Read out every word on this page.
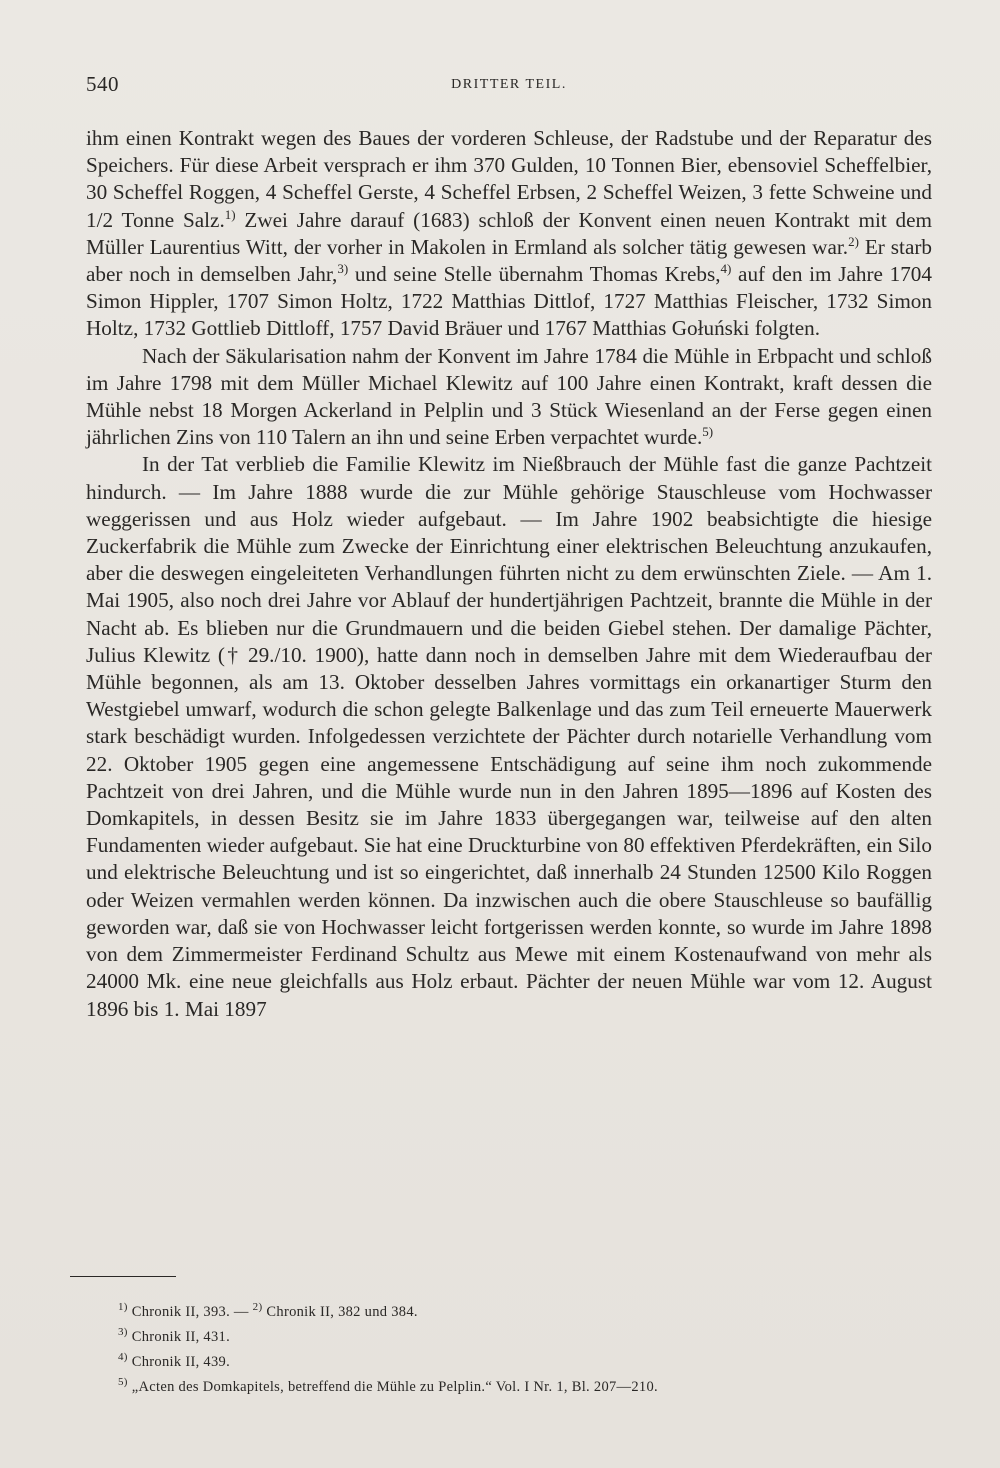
540	DRITTER TEIL.

ihm einen Kontrakt wegen des Baues der vorderen Schleuse, der Radstube und der Reparatur des Speichers. Für diese Arbeit versprach er ihm 370 Gulden, 10 Tonnen Bier, ebensoviel Scheffelbier, 30 Scheffel Roggen, 4 Scheffel Gerste, 4 Scheffel Erbsen, 2 Scheffel Weizen, 3 fette Schweine und 1/2 Tonne Salz.$^{1)}$ Zwei Jahre darauf (1683) schloß der Konvent einen neuen Kontrakt mit dem Müller Laurentius Witt, der vorher in Makolen in Ermland als solcher tätig gewesen war.$^{2)}$ Er starb aber noch in demselben Jahr,$^{3)}$ und seine Stelle übernahm Thomas Krebs,$^{4)}$ auf den im Jahre 1704 Simon Hippler, 1707 Simon Holtz, 1722 Matthias Dittlof, 1727 Matthias Fleischer, 1732 Simon Holtz, 1732 Gottlieb Dittloff, 1757 David Bräuer und 1767 Matthias Gołuński folgten.

Nach der Säkularisation nahm der Konvent im Jahre 1784 die Mühle in Erbpacht und schloß im Jahre 1798 mit dem Müller Michael Klewitz auf 100 Jahre einen Kontrakt, kraft dessen die Mühle nebst 18 Morgen Ackerland in Pelplin und 3 Stück Wiesenland an der Ferse gegen einen jährlichen Zins von 110 Talern an ihn und seine Erben verpachtet wurde.$^{5)}$

In der Tat verblieb die Familie Klewitz im Nießbrauch der Mühle fast die ganze Pachtzeit hindurch. — Im Jahre 1888 wurde die zur Mühle gehörige Stauschleuse vom Hochwasser weggerissen und aus Holz wieder aufgebaut. — Im Jahre 1902 beabsichtigte die hiesige Zuckerfabrik die Mühle zum Zwecke der Einrichtung einer elektrischen Beleuchtung anzukaufen, aber die deswegen eingeleiteten Verhandlungen führten nicht zu dem erwünschten Ziele. — Am 1. Mai 1905, also noch drei Jahre vor Ablauf der hundertjährigen Pachtzeit, brannte die Mühle in der Nacht ab. Es blieben nur die Grundmauern und die beiden Giebel stehen. Der damalige Pächter, Julius Klewitz († 29./10. 1900), hatte dann noch in demselben Jahre mit dem Wiederaufbau der Mühle begonnen, als am 13. Oktober desselben Jahres vormittags ein orkanartiger Sturm den Westgiebel umwarf, wodurch die schon gelegte Balkenlage und das zum Teil erneuerte Mauerwerk stark beschädigt wurden. Infolgedessen verzichtete der Pächter durch notarielle Verhandlung vom 22. Oktober 1905 gegen eine angemessene Entschädigung auf seine ihm noch zukommende Pachtzeit von drei Jahren, und die Mühle wurde nun in den Jahren 1895—1896 auf Kosten des Domkapitels, in dessen Besitz sie im Jahre 1833 übergegangen war, teilweise auf den alten Fundamenten wieder aufgebaut. Sie hat eine Druckturbine von 80 effektiven Pferdekräften, ein Silo und elektrische Beleuchtung und ist so eingerichtet, daß innerhalb 24 Stunden 12500 Kilo Roggen oder Weizen vermahlen werden können. Da inzwischen auch die obere Stauschleuse so baufällig geworden war, daß sie von Hochwasser leicht fortgerissen werden konnte, so wurde im Jahre 1898 von dem Zimmermeister Ferdinand Schultz aus Mewe mit einem Kostenaufwand von mehr als 24000 Mk. eine neue gleichfalls aus Holz erbaut. Pächter der neuen Mühle war vom 12. August 1896 bis 1. Mai 1897

$^{1)}$ Chronik II, 393. — $^{2)}$ Chronik II, 382 und 384.

$^{3)}$ Chronik II, 431.

$^{4)}$ Chronik II, 439.

$^{5)}$ „Acten des Domkapitels, betreffend die Mühle zu Pelplin.“ Vol. I Nr. 1, Bl. 207—210.
